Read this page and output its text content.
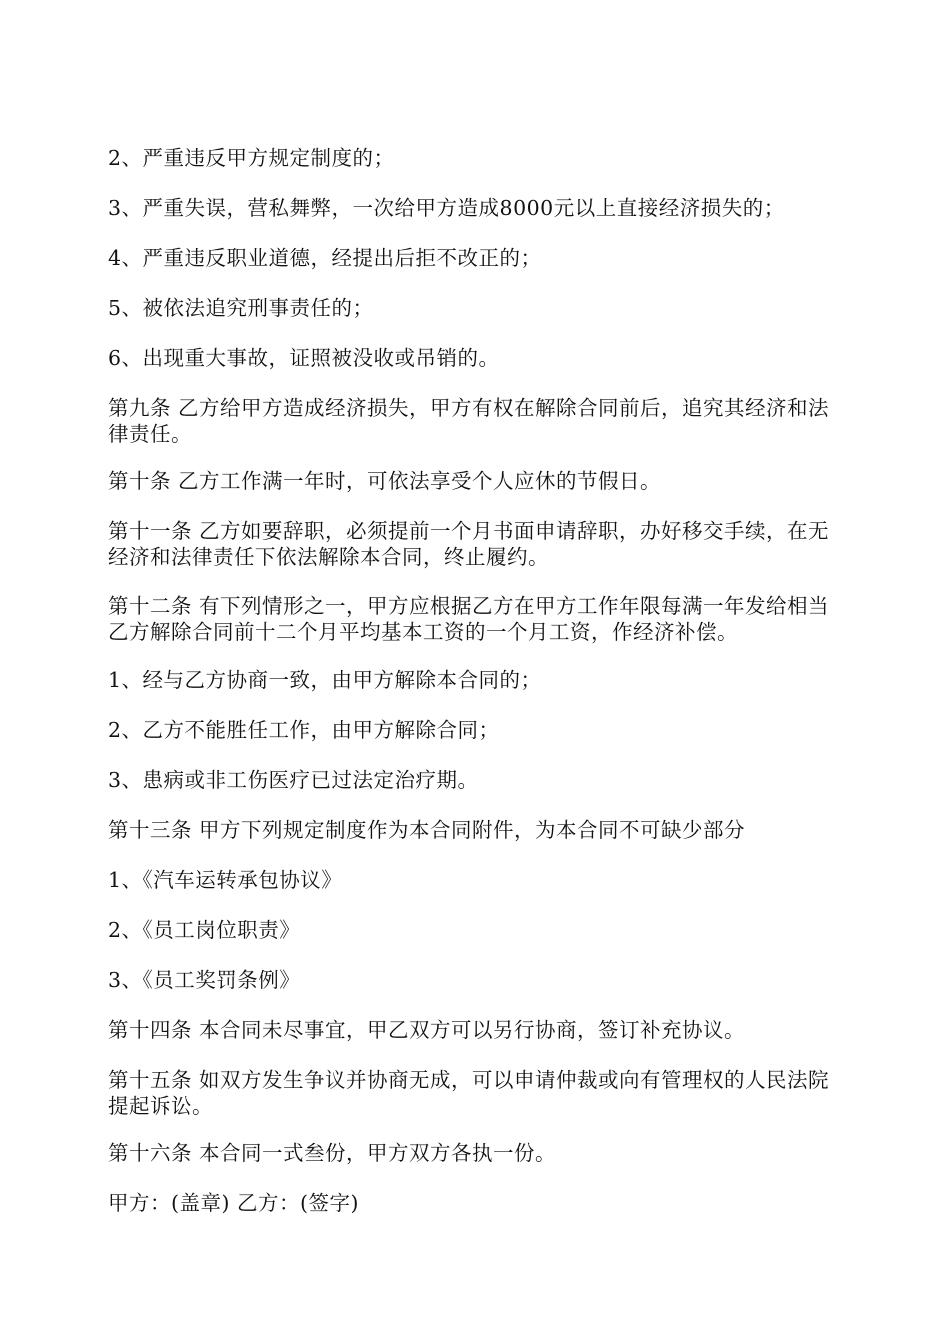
2、严重违反甲方规定制度的；

3、严重失误，营私舞弊，一次给甲方造成8000元以上直接经济损失的；

4、严重违反职业道德，经提出后拒不改正的；

5、被依法追究刑事责任的；

6、出现重大事故，证照被没收或吊销的。

第九条 乙方给甲方造成经济损失，甲方有权在解除合同前后，追究其经济和法律责任。

第十条 乙方工作满一年时，可依法享受个人应休的节假日。

第十一条 乙方如要辞职，必须提前一个月书面申请辞职，办好移交手续，在无经济和法律责任下依法解除本合同，终止履约。

第十二条 有下列情形之一，甲方应根据乙方在甲方工作年限每满一年发给相当乙方解除合同前十二个月平均基本工资的一个月工资，作经济补偿。

1、经与乙方协商一致，由甲方解除本合同的；

2、乙方不能胜任工作，由甲方解除合同；

3、患病或非工伤医疗已过法定治疗期。

第十三条 甲方下列规定制度作为本合同附件，为本合同不可缺少部分

1、《汽车运转承包协议》

2、《员工岗位职责》

3、《员工奖罚条例》

第十四条 本合同未尽事宜，甲乙双方可以另行协商，签订补充协议。

第十五条 如双方发生争议并协商无成，可以申请仲裁或向有管理权的人民法院提起诉讼。

第十六条 本合同一式叁份，甲方双方各执一份。

甲方：(盖章) 乙方：(签字)
